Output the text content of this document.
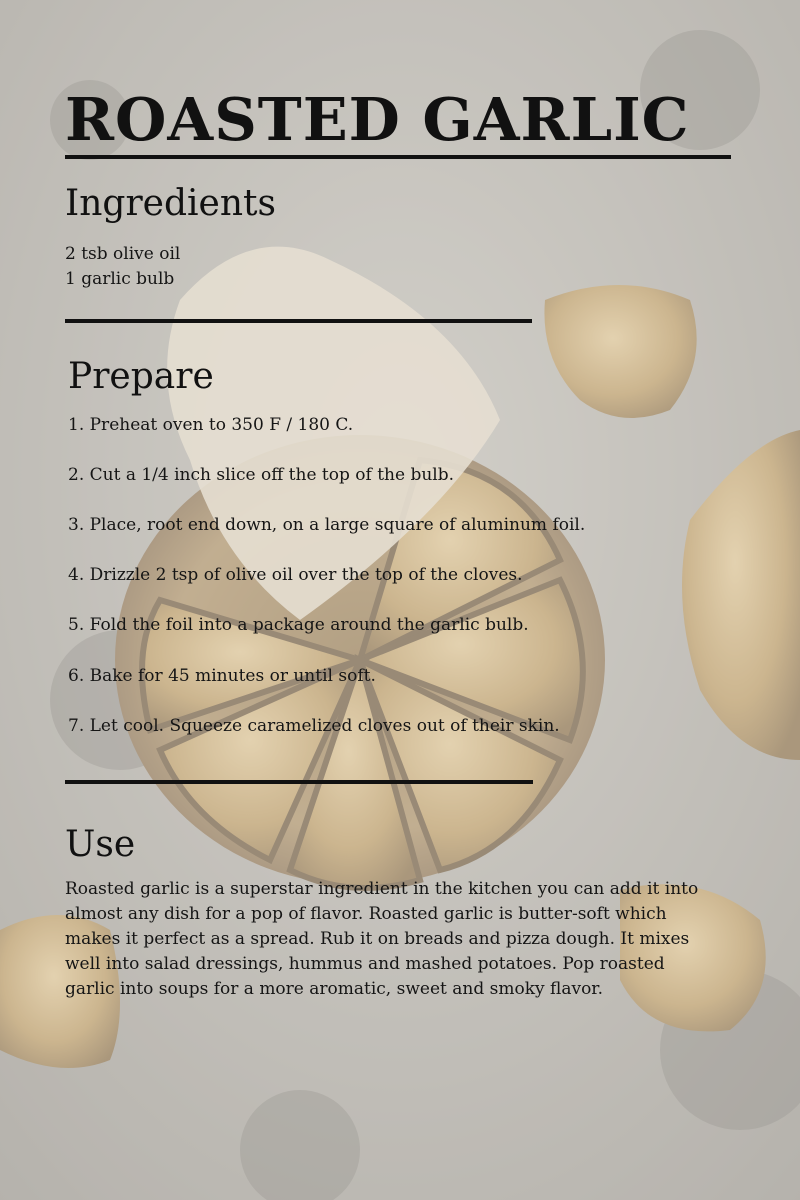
ROASTED GARLIC
Ingredients
2 tsb olive oil
1 garlic bulb
Prepare
1. Preheat oven to 350 F / 180 C.
2. Cut a 1/4 inch slice off the top of the bulb.
3. Place, root end down, on a large square of aluminum foil.
4. Drizzle 2 tsp of olive oil over the top of the cloves.
5. Fold the foil into a package around the garlic bulb.
6. Bake for 45 minutes or until soft.
7. Let cool. Squeeze caramelized cloves out of their skin.
Use

Roasted garlic is a superstar ingredient in the kitchen you can add it into almost any dish for a pop of flavor. Roasted garlic is butter-soft which makes it perfect as a spread. Rub it on breads and pizza dough. It mixes well into salad dressings, hummus and mashed potatoes. Pop roasted garlic into soups for a more aromatic, sweet and smoky flavor.
